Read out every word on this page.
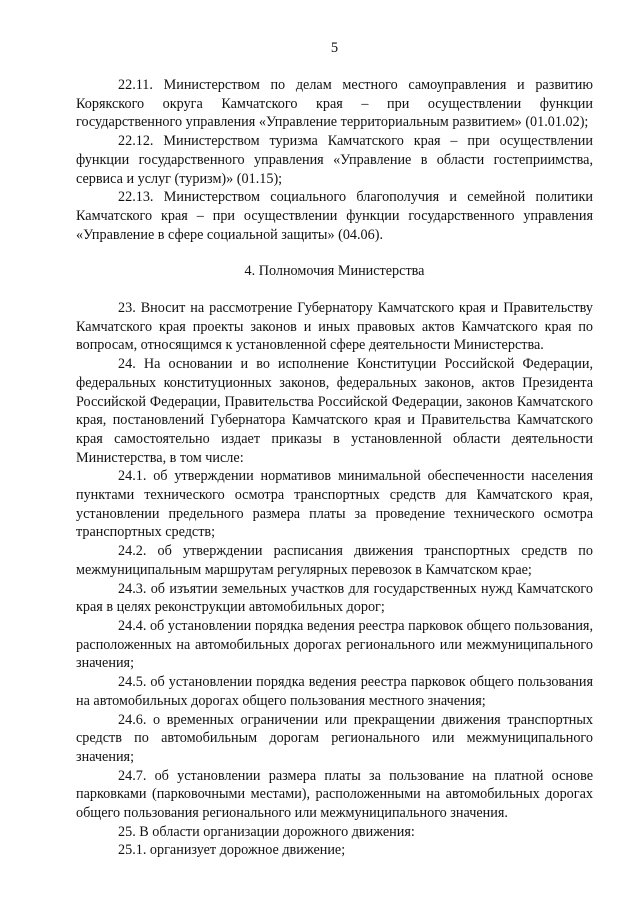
5

22.11. Министерством по делам местного самоуправления и развитию Корякского округа Камчатского края – при осуществлении функции государственного управления «Управление территориальным развитием» (01.01.02);

22.12. Министерством туризма Камчатского края – при осуществлении функции государственного управления «Управление в области гостеприимства, сервиса и услуг (туризм)» (01.15);

22.13. Министерством социального благополучия и семейной политики Камчатского края – при осуществлении функции государственного управления «Управление в сфере социальной защиты» (04.06).

4. Полномочия Министерства

23. Вносит на рассмотрение Губернатору Камчатского края и Правительству Камчатского края проекты законов и иных правовых актов Камчатского края по вопросам, относящимся к установленной сфере деятельности Министерства.

24. На основании и во исполнение Конституции Российской Федерации, федеральных конституционных законов, федеральных законов, актов Президента Российской Федерации, Правительства Российской Федерации, законов Камчатского края, постановлений Губернатора Камчатского края и Правительства Камчатского края самостоятельно издает приказы в установленной области деятельности Министерства, в том числе:

24.1. об утверждении нормативов минимальной обеспеченности населения пунктами технического осмотра транспортных средств для Камчатского края, установлении предельного размера платы за проведение технического осмотра транспортных средств;

24.2. об утверждении расписания движения транспортных средств по межмуниципальным маршрутам регулярных перевозок в Камчатском крае;

24.3. об изъятии земельных участков для государственных нужд Камчатского края в целях реконструкции автомобильных дорог;

24.4. об установлении порядка ведения реестра парковок общего пользования, расположенных на автомобильных дорогах регионального или межмуниципального значения;

24.5. об установлении порядка ведения реестра парковок общего пользования на автомобильных дорогах общего пользования местного значения;

24.6. о временных ограничении или прекращении движения транспортных средств по автомобильным дорогам регионального или межмуниципального значения;

24.7. об установлении размера платы за пользование на платной основе парковками (парковочными местами), расположенными на автомобильных дорогах общего пользования регионального или межмуниципального значения.

25. В области организации дорожного движения:

25.1. организует дорожное движение;
